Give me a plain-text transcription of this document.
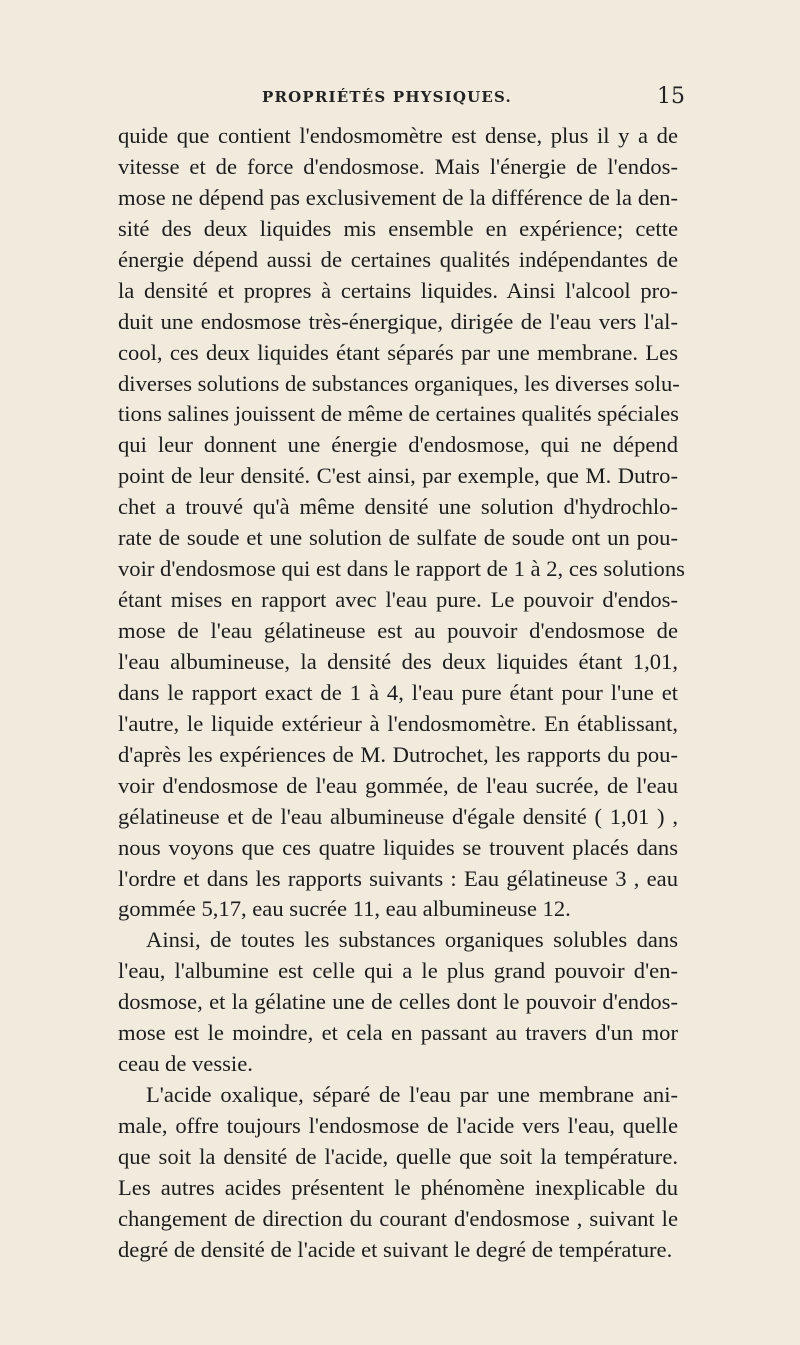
PROPRIÉTÉS PHYSIQUES.	15
quide que contient l'endosmomètre est dense, plus il y a de
vitesse et de force d'endosmose. Mais l'énergie de l'endos-
mose ne dépend pas exclusivement de la différence de la den-
sité des deux liquides mis ensemble en expérience; cette
énergie dépend aussi de certaines qualités indépendantes de
la densité et propres à certains liquides. Ainsi l'alcool pro-
duit une endosmose très-énergique, dirigée de l'eau vers l'al-
cool, ces deux liquides étant séparés par une membrane. Les
diverses solutions de substances organiques, les diverses solu-
tions salines jouissent de même de certaines qualités spéciales
qui leur donnent une énergie d'endosmose, qui ne dépend
point de leur densité. C'est ainsi, par exemple, que M. Dutro-
chet a trouvé qu'à même densité une solution d'hydrochlo-
rate de soude et une solution de sulfate de soude ont un pou-
voir d'endosmose qui est dans le rapport de 1 à 2, ces solutions
étant mises en rapport avec l'eau pure. Le pouvoir d'endos-
mose de l'eau gélatineuse est au pouvoir d'endosmose de
l'eau albumineuse, la densité des deux liquides étant 1,01,
dans le rapport exact de 1 à 4, l'eau pure étant pour l'une et
l'autre, le liquide extérieur à l'endosmomètre. En établissant,
d'après les expériences de M. Dutrochet, les rapports du pou-
voir d'endosmose de l'eau gommée, de l'eau sucrée, de l'eau
gélatineuse et de l'eau albumineuse d'égale densité ( 1,01 ) ,
nous voyons que ces quatre liquides se trouvent placés dans
l'ordre et dans les rapports suivants : Eau gélatineuse 3 , eau
gommée 5,17, eau sucrée 11, eau albumineuse 12.
Ainsi, de toutes les substances organiques solubles dans
l'eau, l'albumine est celle qui a le plus grand pouvoir d'en-
dosmose, et la gélatine une de celles dont le pouvoir d'endos-
mose est le moindre, et cela en passant au travers d'un mor
ceau de vessie.
L'acide oxalique, séparé de l'eau par une membrane ani-
male, offre toujours l'endosmose de l'acide vers l'eau, quelle
que soit la densité de l'acide, quelle que soit la température.
Les autres acides présentent le phénomène inexplicable du
changement de direction du courant d'endosmose , suivant le
degré de densité de l'acide et suivant le degré de température.
